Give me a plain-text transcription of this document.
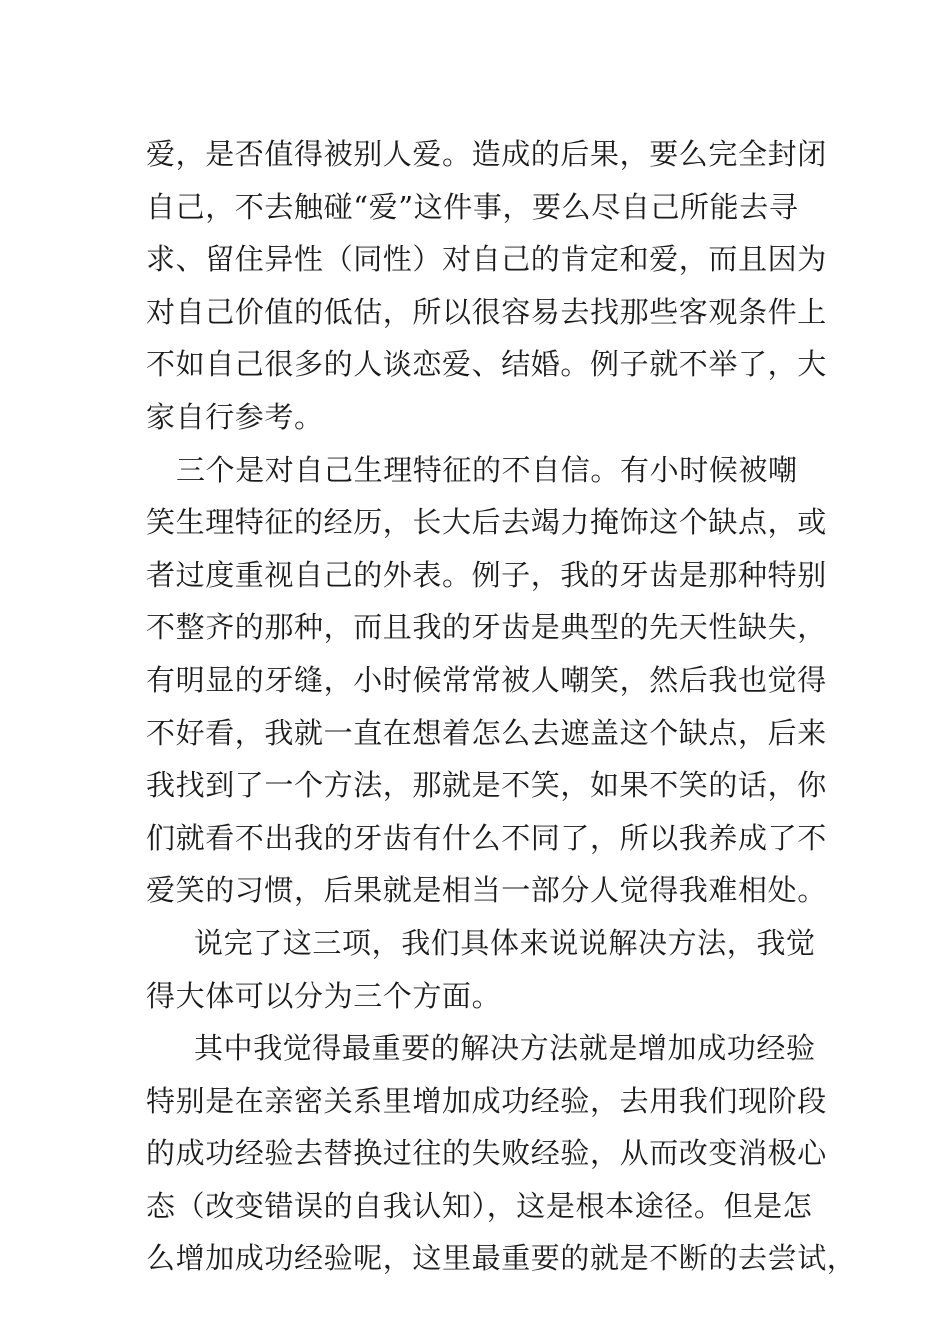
爱，是否值得被别人爱。造成的后果，要么完全封闭
自己，不去触碰“爱”这件事，要么尽自己所能去寻
求、留住异性（同性）对自己的肯定和爱，而且因为
对自己价值的低估，所以很容易去找那些客观条件上
不如自己很多的人谈恋爱、结婚。例子就不举了，大
家自行参考。
三个是对自己生理特征的不自信。有小时候被嘲
笑生理特征的经历，长大后去竭力掩饰这个缺点，或
者过度重视自己的外表。例子，我的牙齿是那种特别
不整齐的那种，而且我的牙齿是典型的先天性缺失，
有明显的牙缝，小时候常常被人嘲笑，然后我也觉得
不好看，我就一直在想着怎么去遮盖这个缺点，后来
我找到了一个方法，那就是不笑，如果不笑的话，你
们就看不出我的牙齿有什么不同了，所以我养成了不
爱笑的习惯，后果就是相当一部分人觉得我难相处。
说完了这三项，我们具体来说说解决方法，我觉
得大体可以分为三个方面。
其中我觉得最重要的解决方法就是增加成功经验
特别是在亲密关系里增加成功经验，去用我们现阶段
的成功经验去替换过往的失败经验，从而改变消极心
态（改变错误的自我认知），这是根本途径。但是怎
么增加成功经验呢，这里最重要的就是不断的去尝试，
